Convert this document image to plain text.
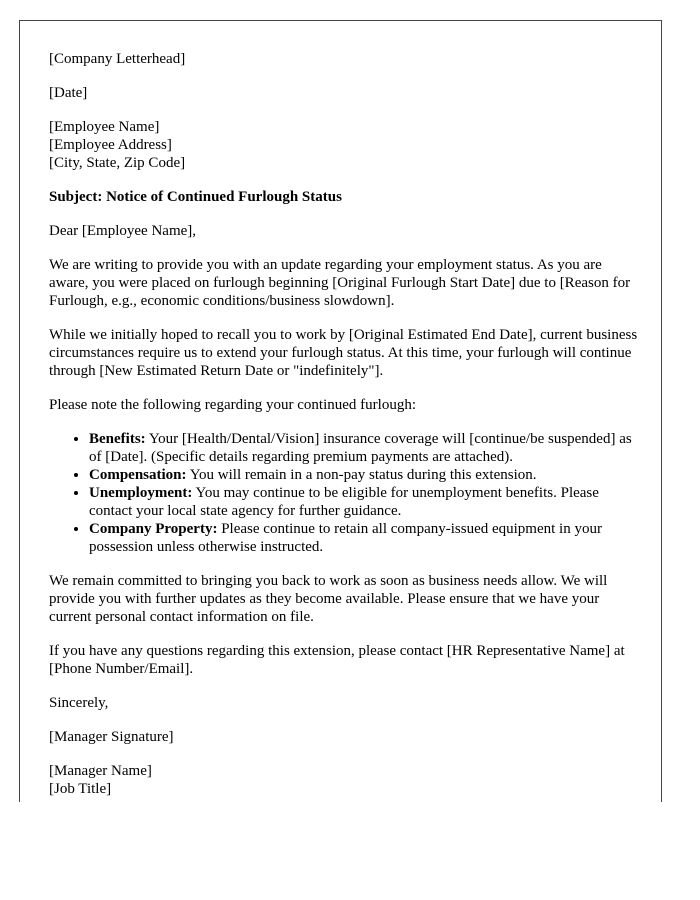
[Company Letterhead]

[Date]

[Employee Name]
[Employee Address]
[City, State, Zip Code]

Subject: Notice of Continued Furlough Status

Dear [Employee Name],

We are writing to provide you with an update regarding your employment status. As you are aware, you were placed on furlough beginning [Original Furlough Start Date] due to [Reason for Furlough, e.g., economic conditions/business slowdown].

While we initially hoped to recall you to work by [Original Estimated End Date], current business circumstances require us to extend your furlough status. At this time, your furlough will continue through [New Estimated Return Date or "indefinitely"].

Please note the following regarding your continued furlough:

• Benefits: Your [Health/Dental/Vision] insurance coverage will [continue/be suspended] as of [Date]. (Specific details regarding premium payments are attached).
• Compensation: You will remain in a non-pay status during this extension.
• Unemployment: You may continue to be eligible for unemployment benefits. Please contact your local state agency for further guidance.
• Company Property: Please continue to retain all company-issued equipment in your possession unless otherwise instructed.

We remain committed to bringing you back to work as soon as business needs allow. We will provide you with further updates as they become available. Please ensure that we have your current personal contact information on file.

If you have any questions regarding this extension, please contact [HR Representative Name] at [Phone Number/Email].

Sincerely,

[Manager Signature]

[Manager Name]
[Job Title]
